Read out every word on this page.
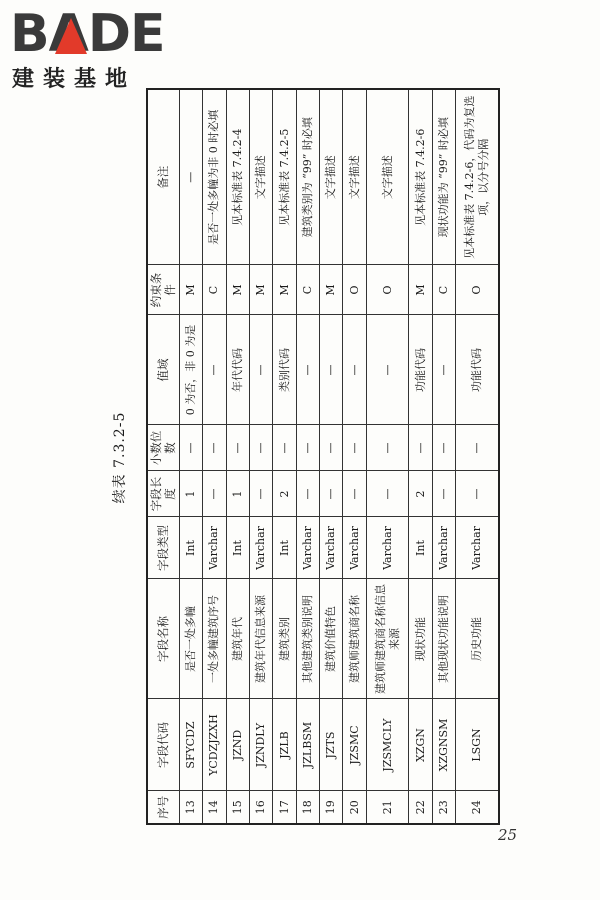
BADE
建装基地
续表 7.3.2-5
序号	字段代码	字段名称	字段类型	字段长度	小数位数	值域	约束条件	备注
13	SFYCDZ	是否一处多幢	Int	1	—	0 为否，非 0 为是	M	—
14	YCDZJZXH	一处多幢建筑序号	Varchar	—	—	—	C	是否一处多幢为非 0 时必填
15	JZND	建筑年代	Int	1	—	年代代码	M	见本标准表 7.4.2-4
16	JZNDLY	建筑年代信息来源	Varchar	—	—	—	M	文字描述
17	JZLB	建筑类别	Int	2	—	类别代码	M	见本标准表 7.4.2-5
18	JZLBSM	其他建筑类别说明	Varchar	—	—	—	C	建筑类别为 “99” 时必填
19	JZTS	建筑价值特色	Varchar	—	—	—	M	文字描述
20	JZSMC	建筑师建筑商名称	Varchar	—	—	—	O	文字描述
21	JZSMCLY	建筑师建筑商名称信息来源	Varchar	—	—	—	O	文字描述
22	XZGN	现状功能	Int	2	—	功能代码	M	见本标准表 7.4.2-6
23	XZGNSM	其他现状功能说明	Varchar	—	—	—	C	现状功能为 “99” 时必填
24	LSGN	历史功能	Varchar	—	—	功能代码	O	见本标准表 7.4.2-6，代码为复选项，以分号分隔
25
